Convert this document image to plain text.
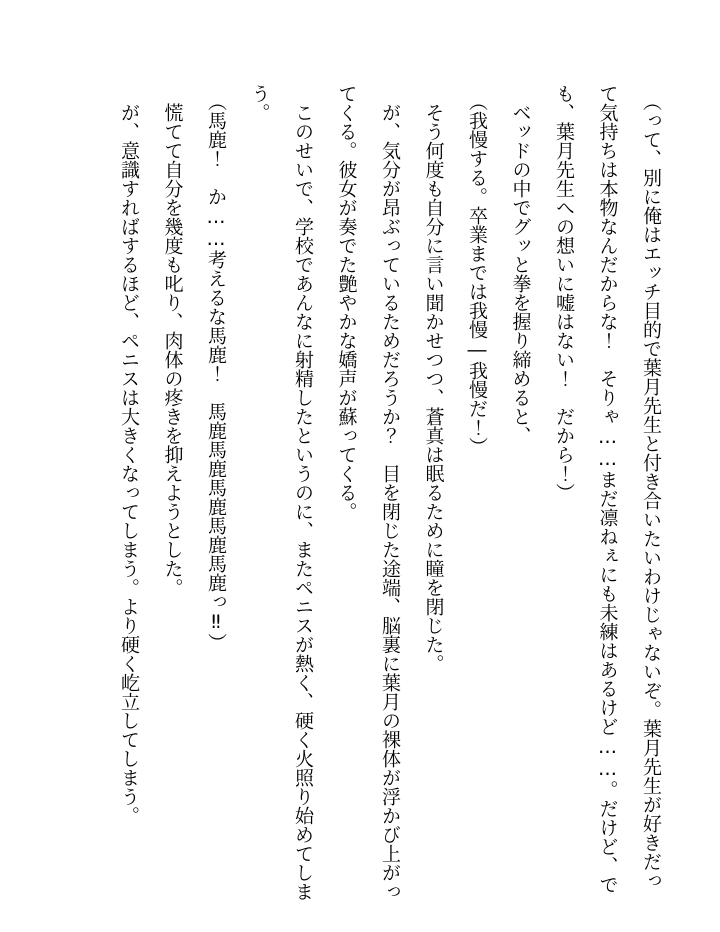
（って、別に俺はエッチ目的で葉月先生と付き合いたいわけじゃないぞ。葉月先生が好きだって気持ちは本物なんだからな！　そりゃ……まだ凛ねぇにも未練はあるけど……。だけど、でも、葉月先生への想いに嘘はない！　だから！）

ベッドの中でグッと拳を握り締めると、

（我慢する。卒業までは我慢―我慢だ！）

そう何度も自分に言い聞かせつつ、蒼真は眠るために瞳を閉じた。

が、気分が昂ぶっているためだろうか？　目を閉じた途端、脳裏に葉月の裸体が浮かび上がってくる。彼女が奏でた艶やかな嬌声が蘇ってくる。

このせいで、学校であんなに射精したというのに、またペニスが熱く、硬く火照り始めてしまう。

（馬鹿！　か……考えるな馬鹿！　馬鹿馬鹿馬鹿馬鹿馬鹿っ‼）

慌てて自分を幾度も叱り、肉体の疼きを抑えようとした。

が、意識すればするほど、ペニスは大きくなってしまう。より硬く屹立してしまう。
